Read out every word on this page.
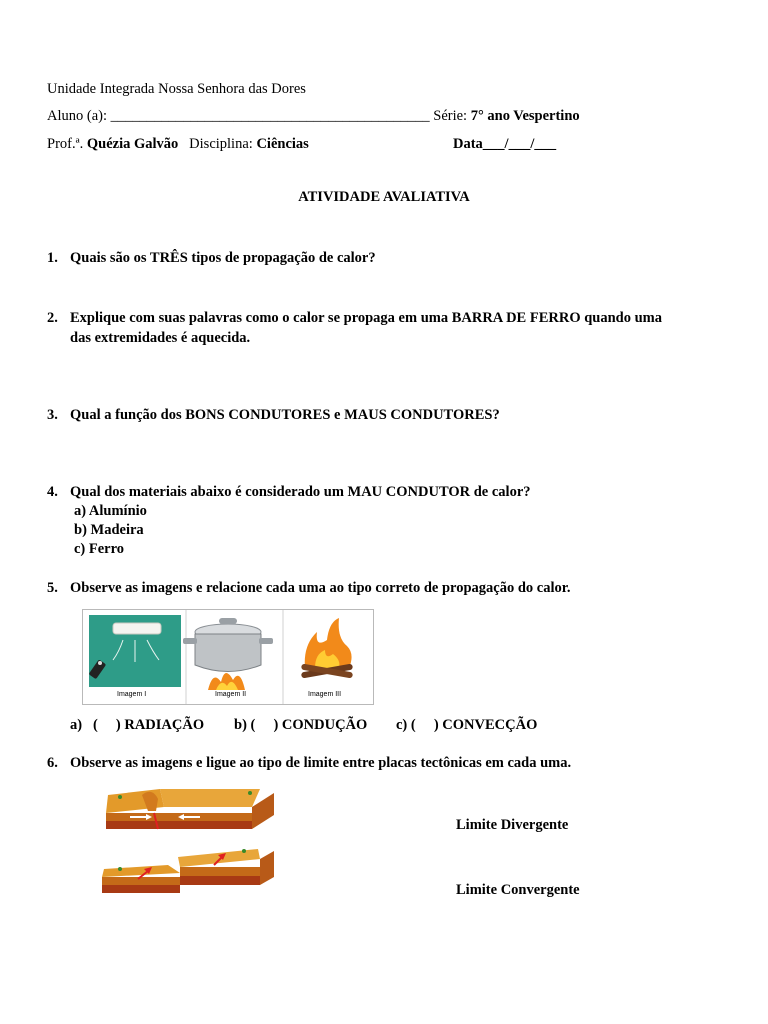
Unidade Integrada Nossa Senhora das Dores
Aluno (a): ____________________________________________ Série: 7° ano Vespertino
Prof.ª. Quézia Galvão Disciplina: Ciências	Data___/___/___
ATIVIDADE AVALIATIVA
1. Quais são os TRÊS tipos de propagação de calor?
2. Explique com suas palavras como o calor se propaga em uma BARRA DE FERRO quando uma
das extremidades é aquecida.
3. Qual a função dos BONS CONDUTORES e MAUS CONDUTORES?
4. Qual dos materiais abaixo é considerado um MAU CONDUTOR de calor?
a) Alumínio
b) Madeira
c) Ferro
5. Observe as imagens e relacione cada uma ao tipo correto de propagação do calor.
Imagem I	Imagem II	Imagem III
a)   (     ) RADIAÇÃO b) (     ) CONDUÇÃO c) (     ) CONVECÇÃO
6. Observe as imagens e ligue ao tipo de limite entre placas tectônicas em cada uma.
Limite Divergente
Limite Convergente
